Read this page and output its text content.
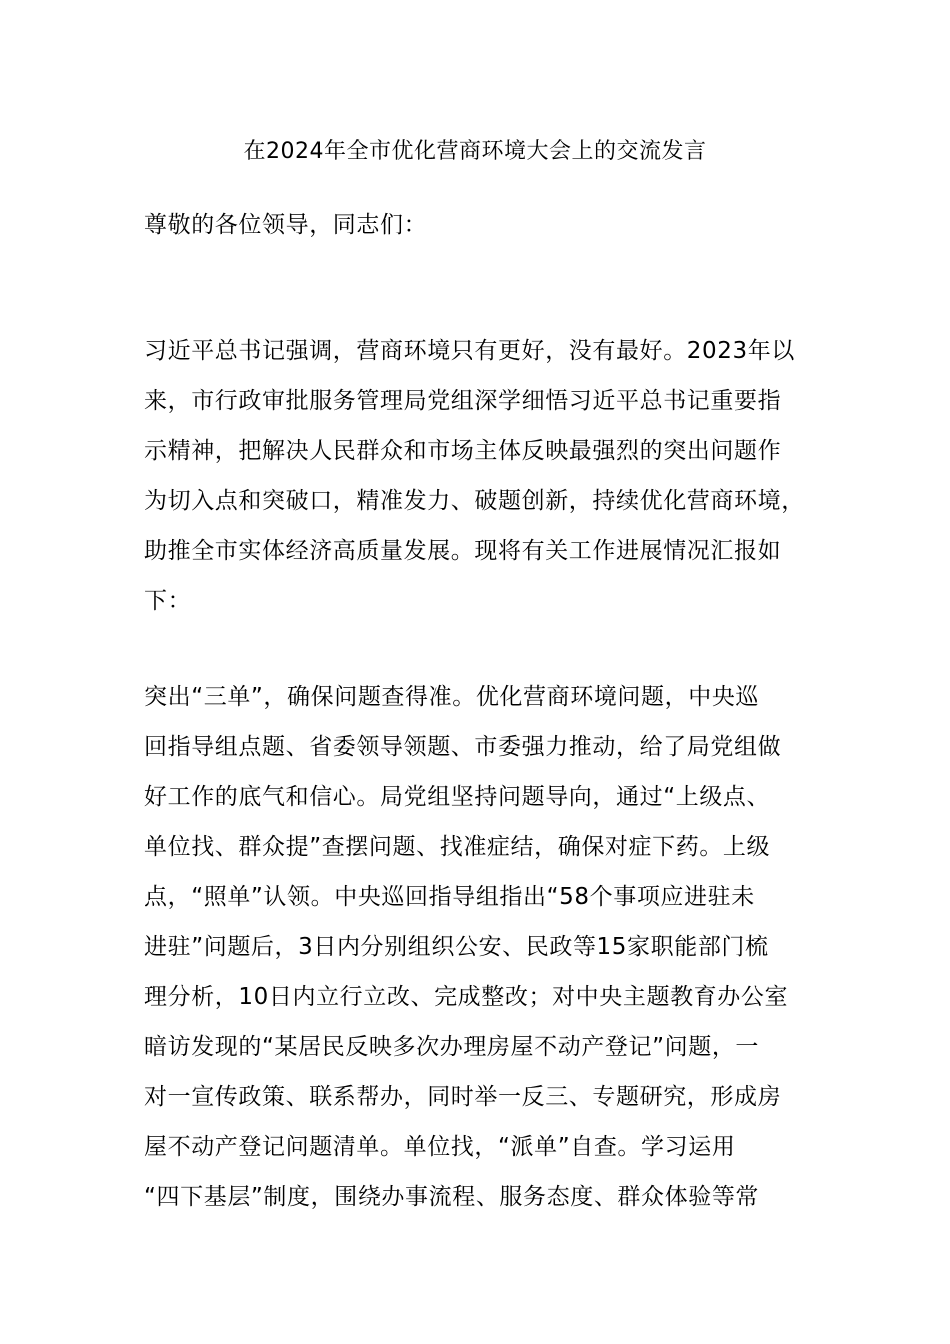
在2024年全市优化营商环境大会上的交流发言
尊敬的各位领导，同志们：
习近平总书记强调，营商环境只有更好，没有最好。2023年以
来，市行政审批服务管理局党组深学细悟习近平总书记重要指
示精神，把解决人民群众和市场主体反映最强烈的突出问题作
为切入点和突破口，精准发力、破题创新，持续优化营商环境，
助推全市实体经济高质量发展。现将有关工作进展情况汇报如
下：
突出“三单”，确保问题查得准。优化营商环境问题，中央巡
回指导组点题、省委领导领题、市委强力推动，给了局党组做
好工作的底气和信心。局党组坚持问题导向，通过“上级点、
单位找、群众提”查摆问题、找准症结，确保对症下药。上级
点，“照单”认领。中央巡回指导组指出“58个事项应进驻未
进驻”问题后，3日内分别组织公安、民政等15家职能部门梳
理分析，10日内立行立改、完成整改；对中央主题教育办公室
暗访发现的“某居民反映多次办理房屋不动产登记”问题，一
对一宣传政策、联系帮办，同时举一反三、专题研究，形成房
屋不动产登记问题清单。单位找，“派单”自查。学习运用
“四下基层”制度，围绕办事流程、服务态度、群众体验等常
